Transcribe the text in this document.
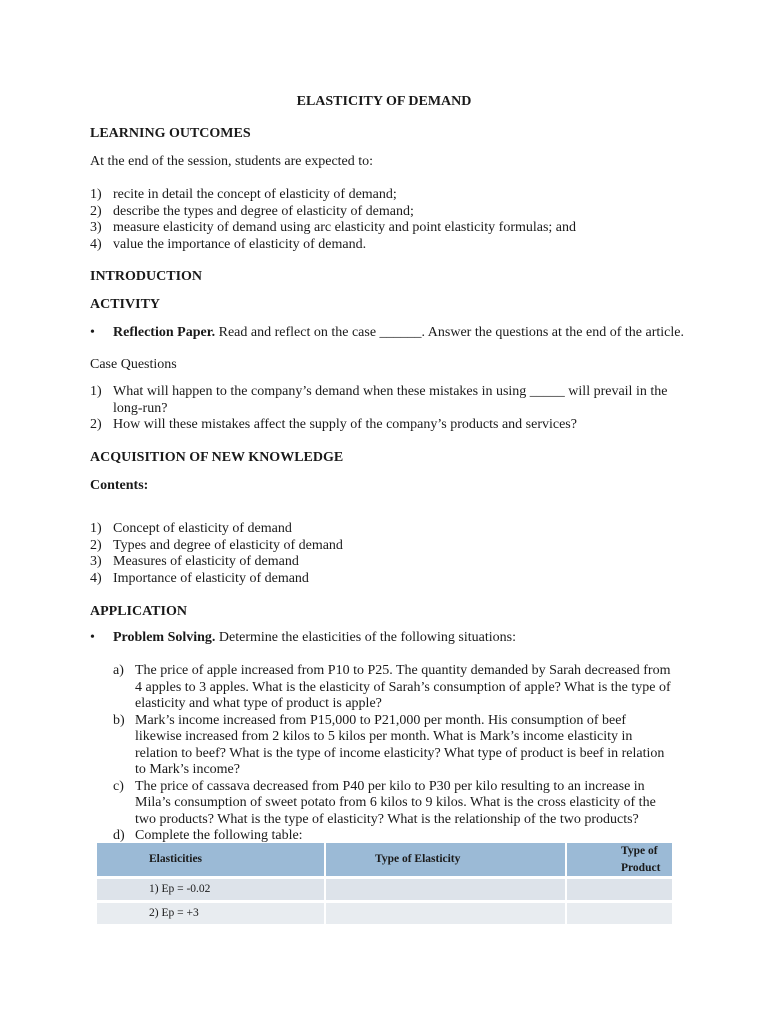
ELASTICITY OF DEMAND
LEARNING OUTCOMES
At the end of the session, students are expected to:
1) recite in detail the concept of elasticity of demand;
2) describe the types and degree of elasticity of demand;
3) measure elasticity of demand using arc elasticity and point elasticity formulas; and
4) value the importance of elasticity of demand.
INTRODUCTION
ACTIVITY
• Reflection Paper. Read and reflect on the case ______. Answer the questions at the end of the article.
Case Questions
1) What will happen to the company’s demand when these mistakes in using _____ will prevail in the long-run?
2) How will these mistakes affect the supply of the company’s products and services?
ACQUISITION OF NEW KNOWLEDGE
Contents:
1) Concept of elasticity of demand
2) Types and degree of elasticity of demand
3) Measures of elasticity of demand
4) Importance of elasticity of demand
APPLICATION
• Problem Solving. Determine the elasticities of the following situations:
a) The price of apple increased from P10 to P25. The quantity demanded by Sarah decreased from 4 apples to 3 apples. What is the elasticity of Sarah’s consumption of apple? What is the type of elasticity and what type of product is apple?
b) Mark’s income increased from P15,000 to P21,000 per month. His consumption of beef likewise increased from 2 kilos to 5 kilos per month. What is Mark’s income elasticity in relation to beef? What is the type of income elasticity? What type of product is beef in relation to Mark’s income?
c) The price of cassava decreased from P40 per kilo to P30 per kilo resulting to an increase in Mila’s consumption of sweet potato from 6 kilos to 9 kilos. What is the cross elasticity of the two products? What is the type of elasticity? What is the relationship of the two products?
d) Complete the following table:
Elasticities	Type of Elasticity	Type of Product

1) Ep = -0.02		

2) Ep = +3		
